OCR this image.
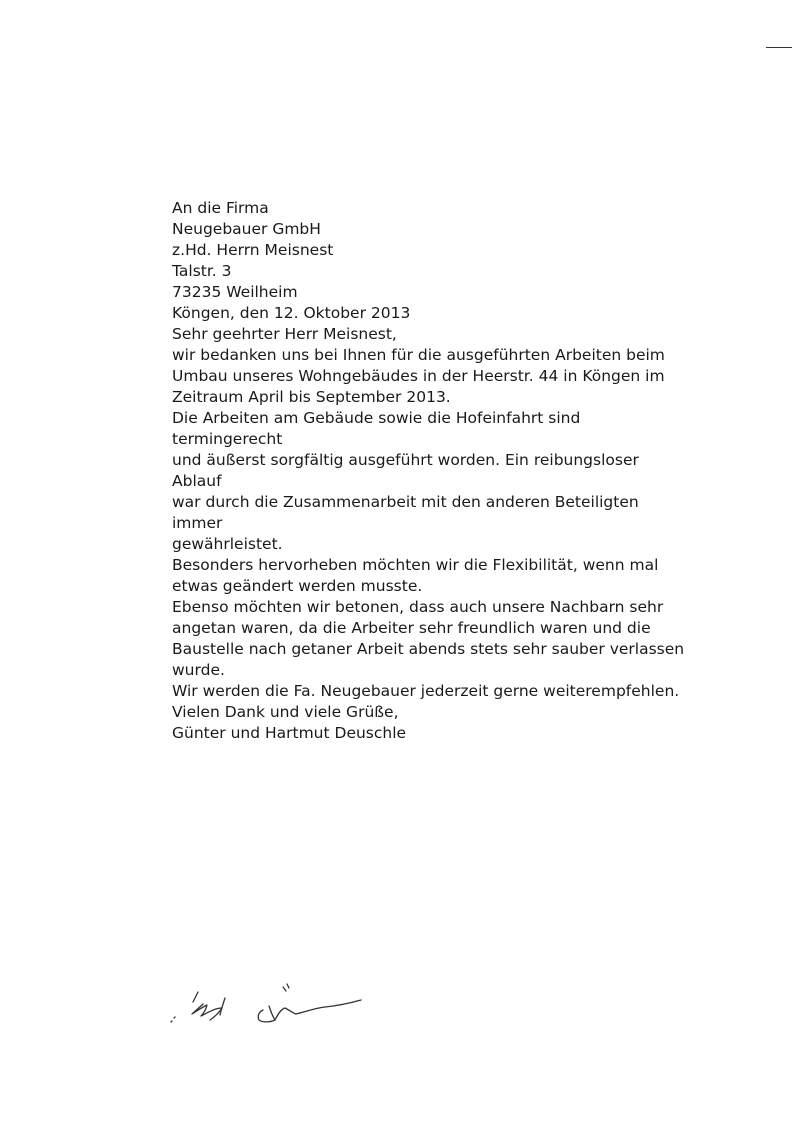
An die Firma
Neugebauer GmbH
z.Hd. Herrn Meisnest
Talstr. 3
73235 Weilheim

Köngen, den 12. Oktober 2013

Sehr geehrter Herr Meisnest,

wir bedanken uns bei Ihnen für die ausgeführten Arbeiten beim
Umbau unseres Wohngebäudes in der Heerstr. 44 in Köngen im
Zeitraum April bis September 2013.

Die Arbeiten am Gebäude sowie die Hofeinfahrt sind termingerecht
und äußerst sorgfältig ausgeführt worden. Ein reibungsloser Ablauf
war durch die Zusammenarbeit mit den anderen Beteiligten immer
gewährleistet.

Besonders hervorheben möchten wir die Flexibilität, wenn mal
etwas geändert werden musste.

Ebenso möchten wir betonen, dass auch unsere Nachbarn sehr
angetan waren, da die Arbeiter sehr freundlich waren und die
Baustelle nach getaner Arbeit abends stets sehr sauber verlassen
wurde.

Wir werden die Fa. Neugebauer jederzeit gerne weiterempfehlen.

Vielen Dank und viele Grüße,

Günter und Hartmut Deuschle
